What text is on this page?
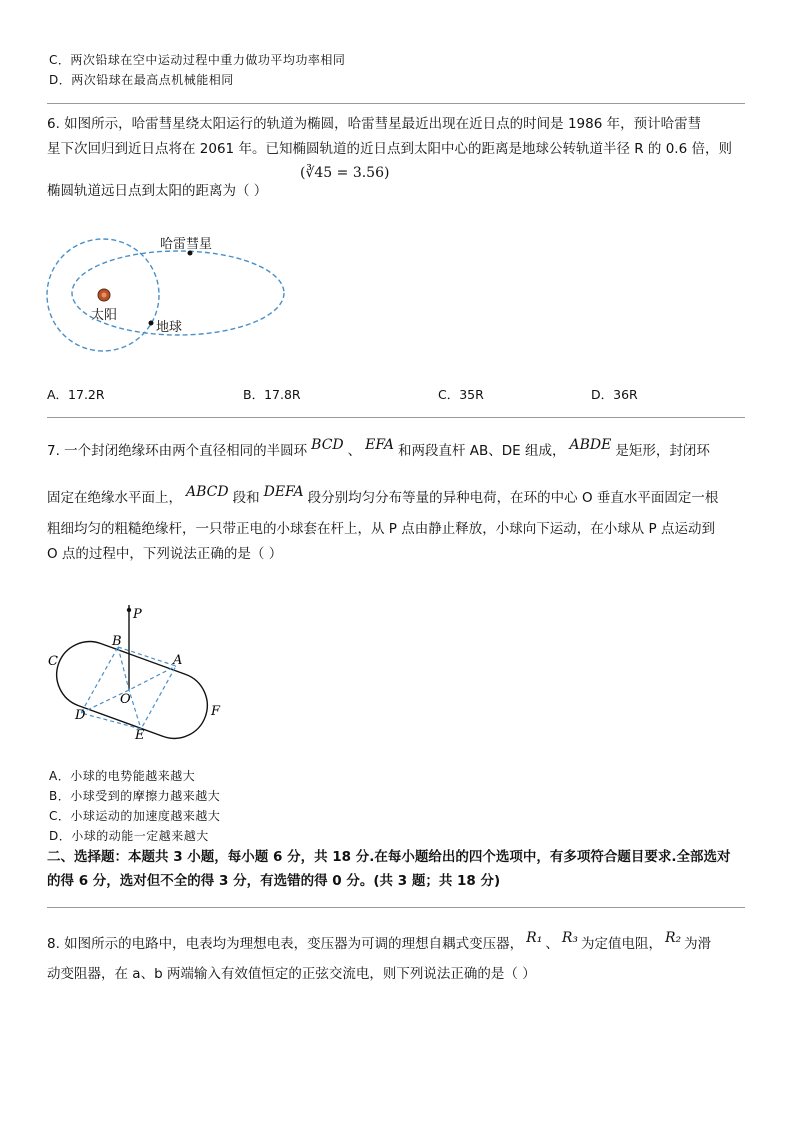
C．两次铅球在空中运动过程中重力做功平均功率相同
D．两次铅球在最高点机械能相同
6. 如图所示，哈雷彗星绕太阳运行的轨道为椭圆，哈雷彗星最近出现在近日点的时间是 1986 年，预计哈雷彗
星下次回归到近日点将在 2061 年。已知椭圆轨道的近日点到太阳中心的距离是地球公转轨道半径 R 的 0.6 倍，则
椭圆轨道远日点到太阳的距离为（ ）
(∛45 = 3.56)
哈雷彗星
太阳
地球
A．17.2R	B．17.8R	C．35R	D．36R
7. 一个封闭绝缘环由两个直径相同的半圆环 BCD 、 EFA 和两段直杆 AB、DE 组成， ABDE 是矩形，封闭环
固定在绝缘水平面上， ABCD 段和 DEFA 段分别均匀分布等量的异种电荷，在环的中心 O 垂直水平面固定一根
粗细均匀的粗糙绝缘杆，一只带正电的小球套在杆上，从 P 点由静止释放，小球向下运动，在小球从 P 点运动到
O 点的过程中，下列说法正确的是（ ）
P
B
C	A
O
D	F
E
A．小球的电势能越来越大
B．小球受到的摩擦力越来越大
C．小球运动的加速度越来越大
D．小球的动能一定越来越大
二、选择题：本题共 3 小题，每小题 6 分，共 18 分.在每小题给出的四个选项中，有多项符合题目要求.全部选对
的得 6 分，选对但不全的得 3 分，有选错的得 0 分。(共 3 题；共 18 分)
8. 如图所示的电路中，电表均为理想电表，变压器为可调的理想自耦式变压器， R₁ 、 R₃ 为定值电阻， R₂ 为滑
动变阻器，在 a、b 两端输入有效值恒定的正弦交流电，则下列说法正确的是（ ）
